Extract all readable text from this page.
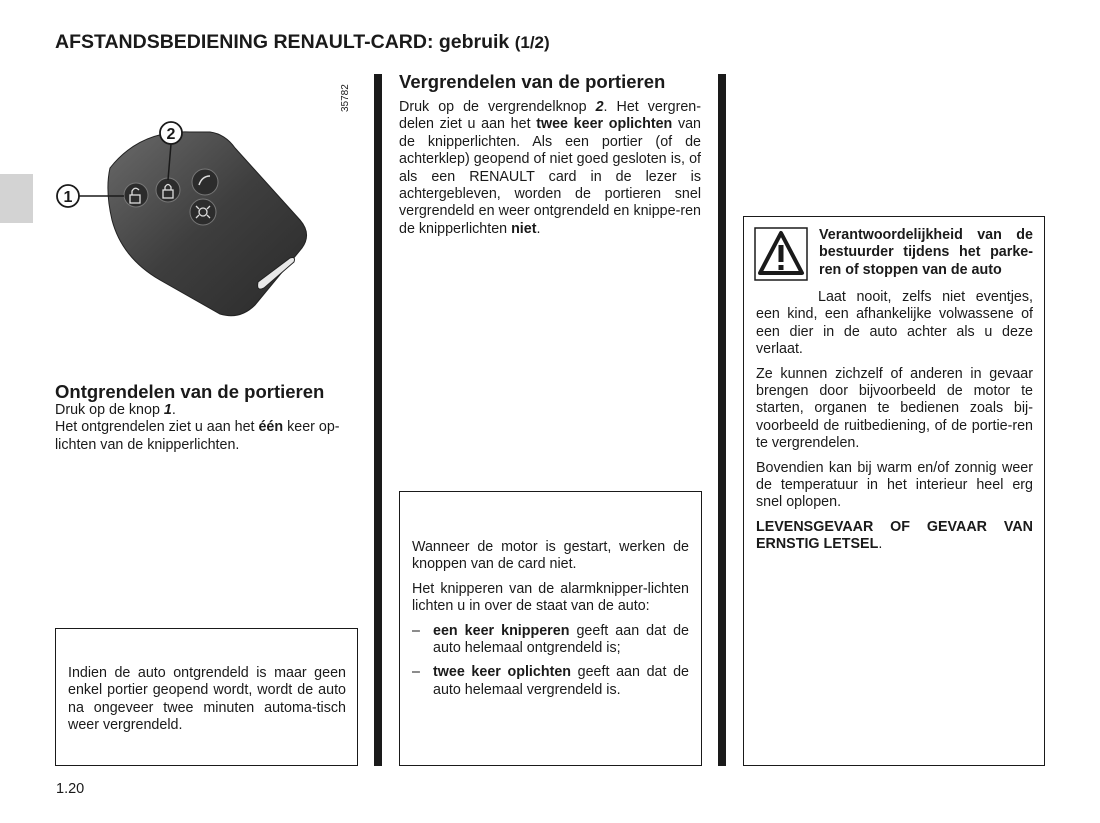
AFSTANDSBEDIENING RENAULT-CARD: gebruik (1/2)
35782
1
2
Ontgrendelen van de portieren

Druk op de knop 1.

Het ontgrendelen ziet u aan het één keer op-lichten van de knipperlichten.

Indien de auto ontgrendeld is maar geen enkel portier geopend wordt, wordt de auto na ongeveer twee minuten automa-tisch weer vergrendeld.
Vergrendelen van de portieren
Druk op de vergrendelknop 2. Het vergren-delen ziet u aan het twee keer oplichten van de knipperlichten. Als een portier (of de achterklep) geopend of niet goed gesloten is, of als een RENAULT card in de lezer is achtergebleven, worden de portieren snel vergrendeld en weer ontgrendeld en knippe-ren de knipperlichten niet.

Wanneer de motor is gestart, werken de knoppen van de card niet.

Het knipperen van de alarmknipper-lichten lichten u in over de staat van de auto:

– een keer knipperen geeft aan dat de auto helemaal ontgrendeld is;
– twee keer oplichten geeft aan dat de auto helemaal vergrendeld is.
Verantwoordelijkheid van de bestuurder tijdens het parke-ren of stoppen van de auto

Laat nooit, zelfs niet eventjes, een kind, een afhankelijke volwassene of een dier in de auto achter als u deze verlaat.

Ze kunnen zichzelf of anderen in gevaar brengen door bijvoorbeeld de motor te starten, organen te bedienen zoals bij-voorbeeld de ruitbediening, of de portie-ren te vergrendelen.

Bovendien kan bij warm en/of zonnig weer de temperatuur in het interieur heel erg snel oplopen.

LEVENSGEVAAR OF GEVAAR VAN ERNSTIG LETSEL.

1.20
